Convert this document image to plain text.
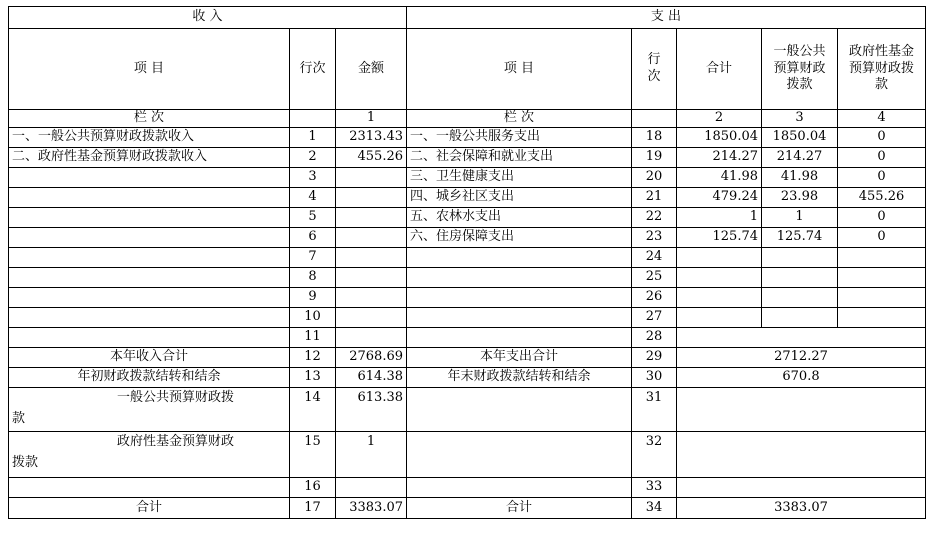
收 入			支 出				
项 目	行次	金额	项 目	行
次	合计	一般公共预算财政拨款	政府性基金预算财政拨款
栏 次		1	栏 次		2	3	4
一、一般公共预算财政拨款收入	1	2313.43	一、一般公共服务支出	18	1850.04	1850.04	0
二、政府性基金预算财政拨款收入	2	455.26	二、社会保障和就业支出	19	214.27	214.27	0
	3		三、卫生健康支出	20	41.98	41.98	0
	4		四、城乡社区支出	21	479.24	23.98	455.26
	5		五、农林水支出	22	1	1	0
	6		六、住房保障支出	23	125.74	125.74	0
	7			24			
	8			25			
	9			26			
	10			27			
	11			28			
本年收入合计	12	2768.69	本年支出合计	29	2712.27		
年初财政拨款结转和结余	13	614.38	年末财政拨款结转和结余	30	670.8		

一般公共预算财政拨
款	14	613.38		31			

政府性基金预算财政
拨款	15	1		32			
	16			33			
合计	17	3383.07	合计	34	3383.07		
